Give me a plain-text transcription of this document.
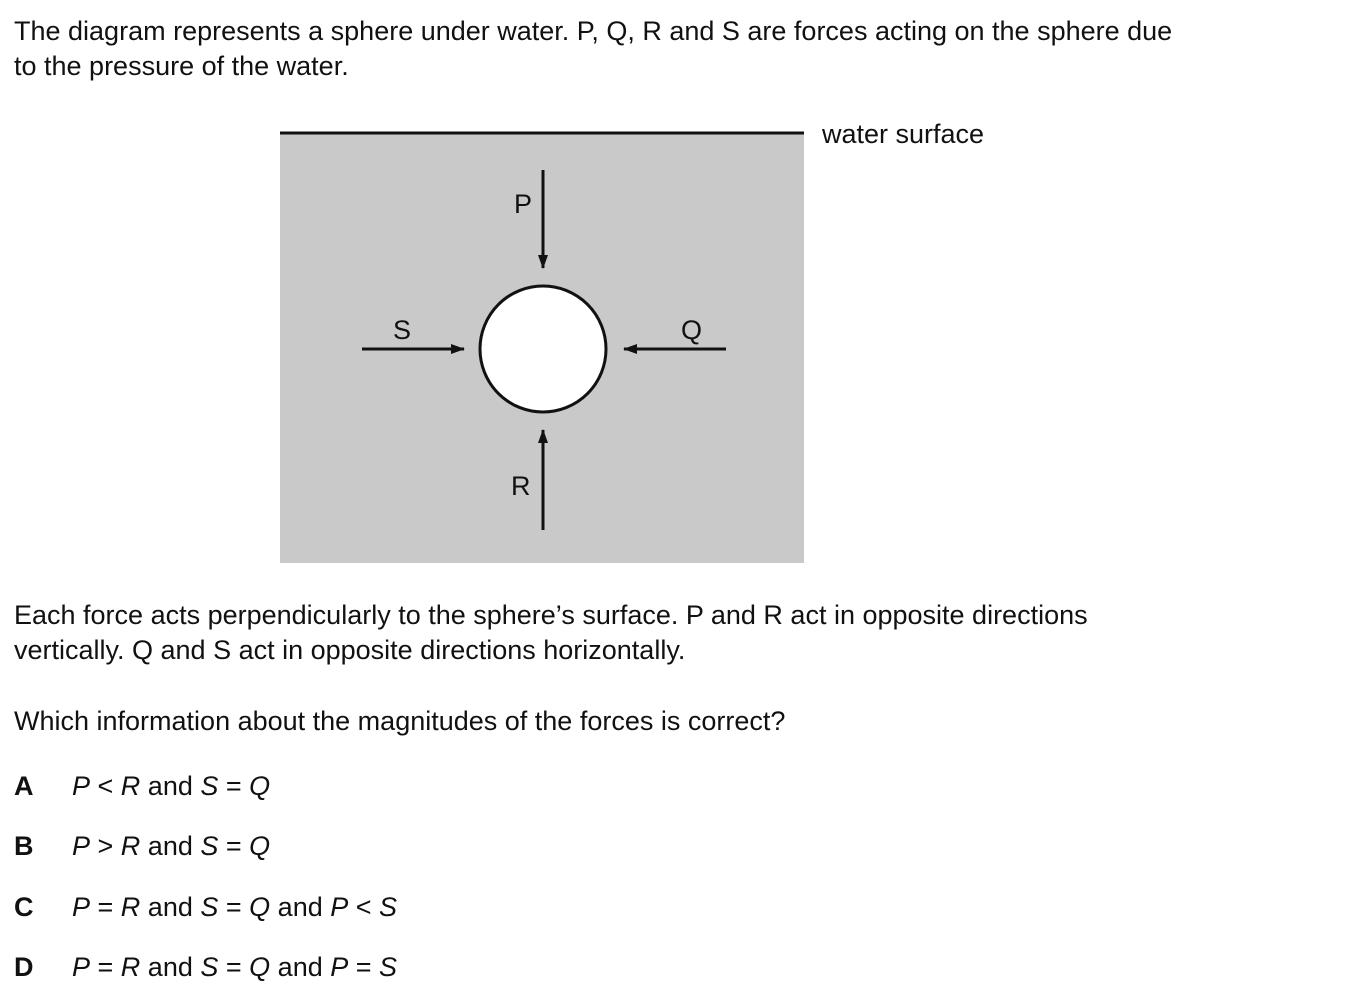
The diagram represents a sphere under water. P, Q, R and S are forces acting on the sphere due
to the pressure of the water.

water surface
P
R
S	Q

Each force acts perpendicularly to the sphere’s surface. P and R act in opposite directions
vertically. Q and S act in opposite directions horizontally.

Which information about the magnitudes of the forces is correct?

A P < R and S = Q
B P > R and S = Q
C P = R and S = Q and P < S
D P = R and S = Q and P = S
